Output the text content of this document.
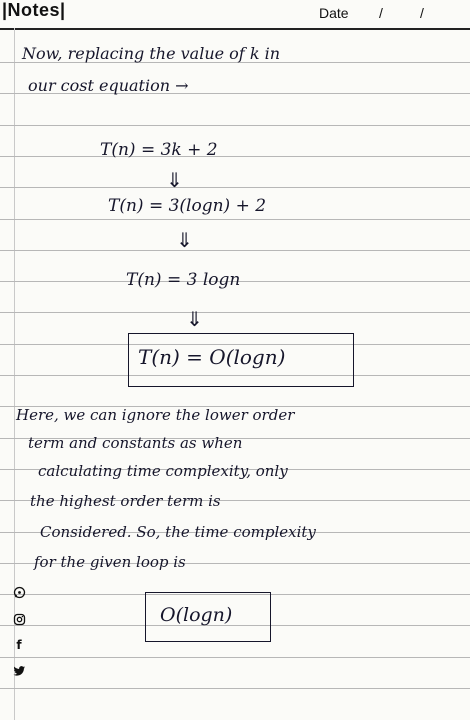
|Notes|	Date /	/
Now, replacing the value of k in
our cost equation →
T(n) = 3k + 2
⇓
T(n) = 3(logn) + 2
⇓
T(n) = 3 logn
⇓
T(n) = O(logn)
Here, we can ignore the lower order
term and constants as when
calculating time complexity, only
the highest order term is
Considered. So, the time complexity
for the given loop is
O(logn)
f
